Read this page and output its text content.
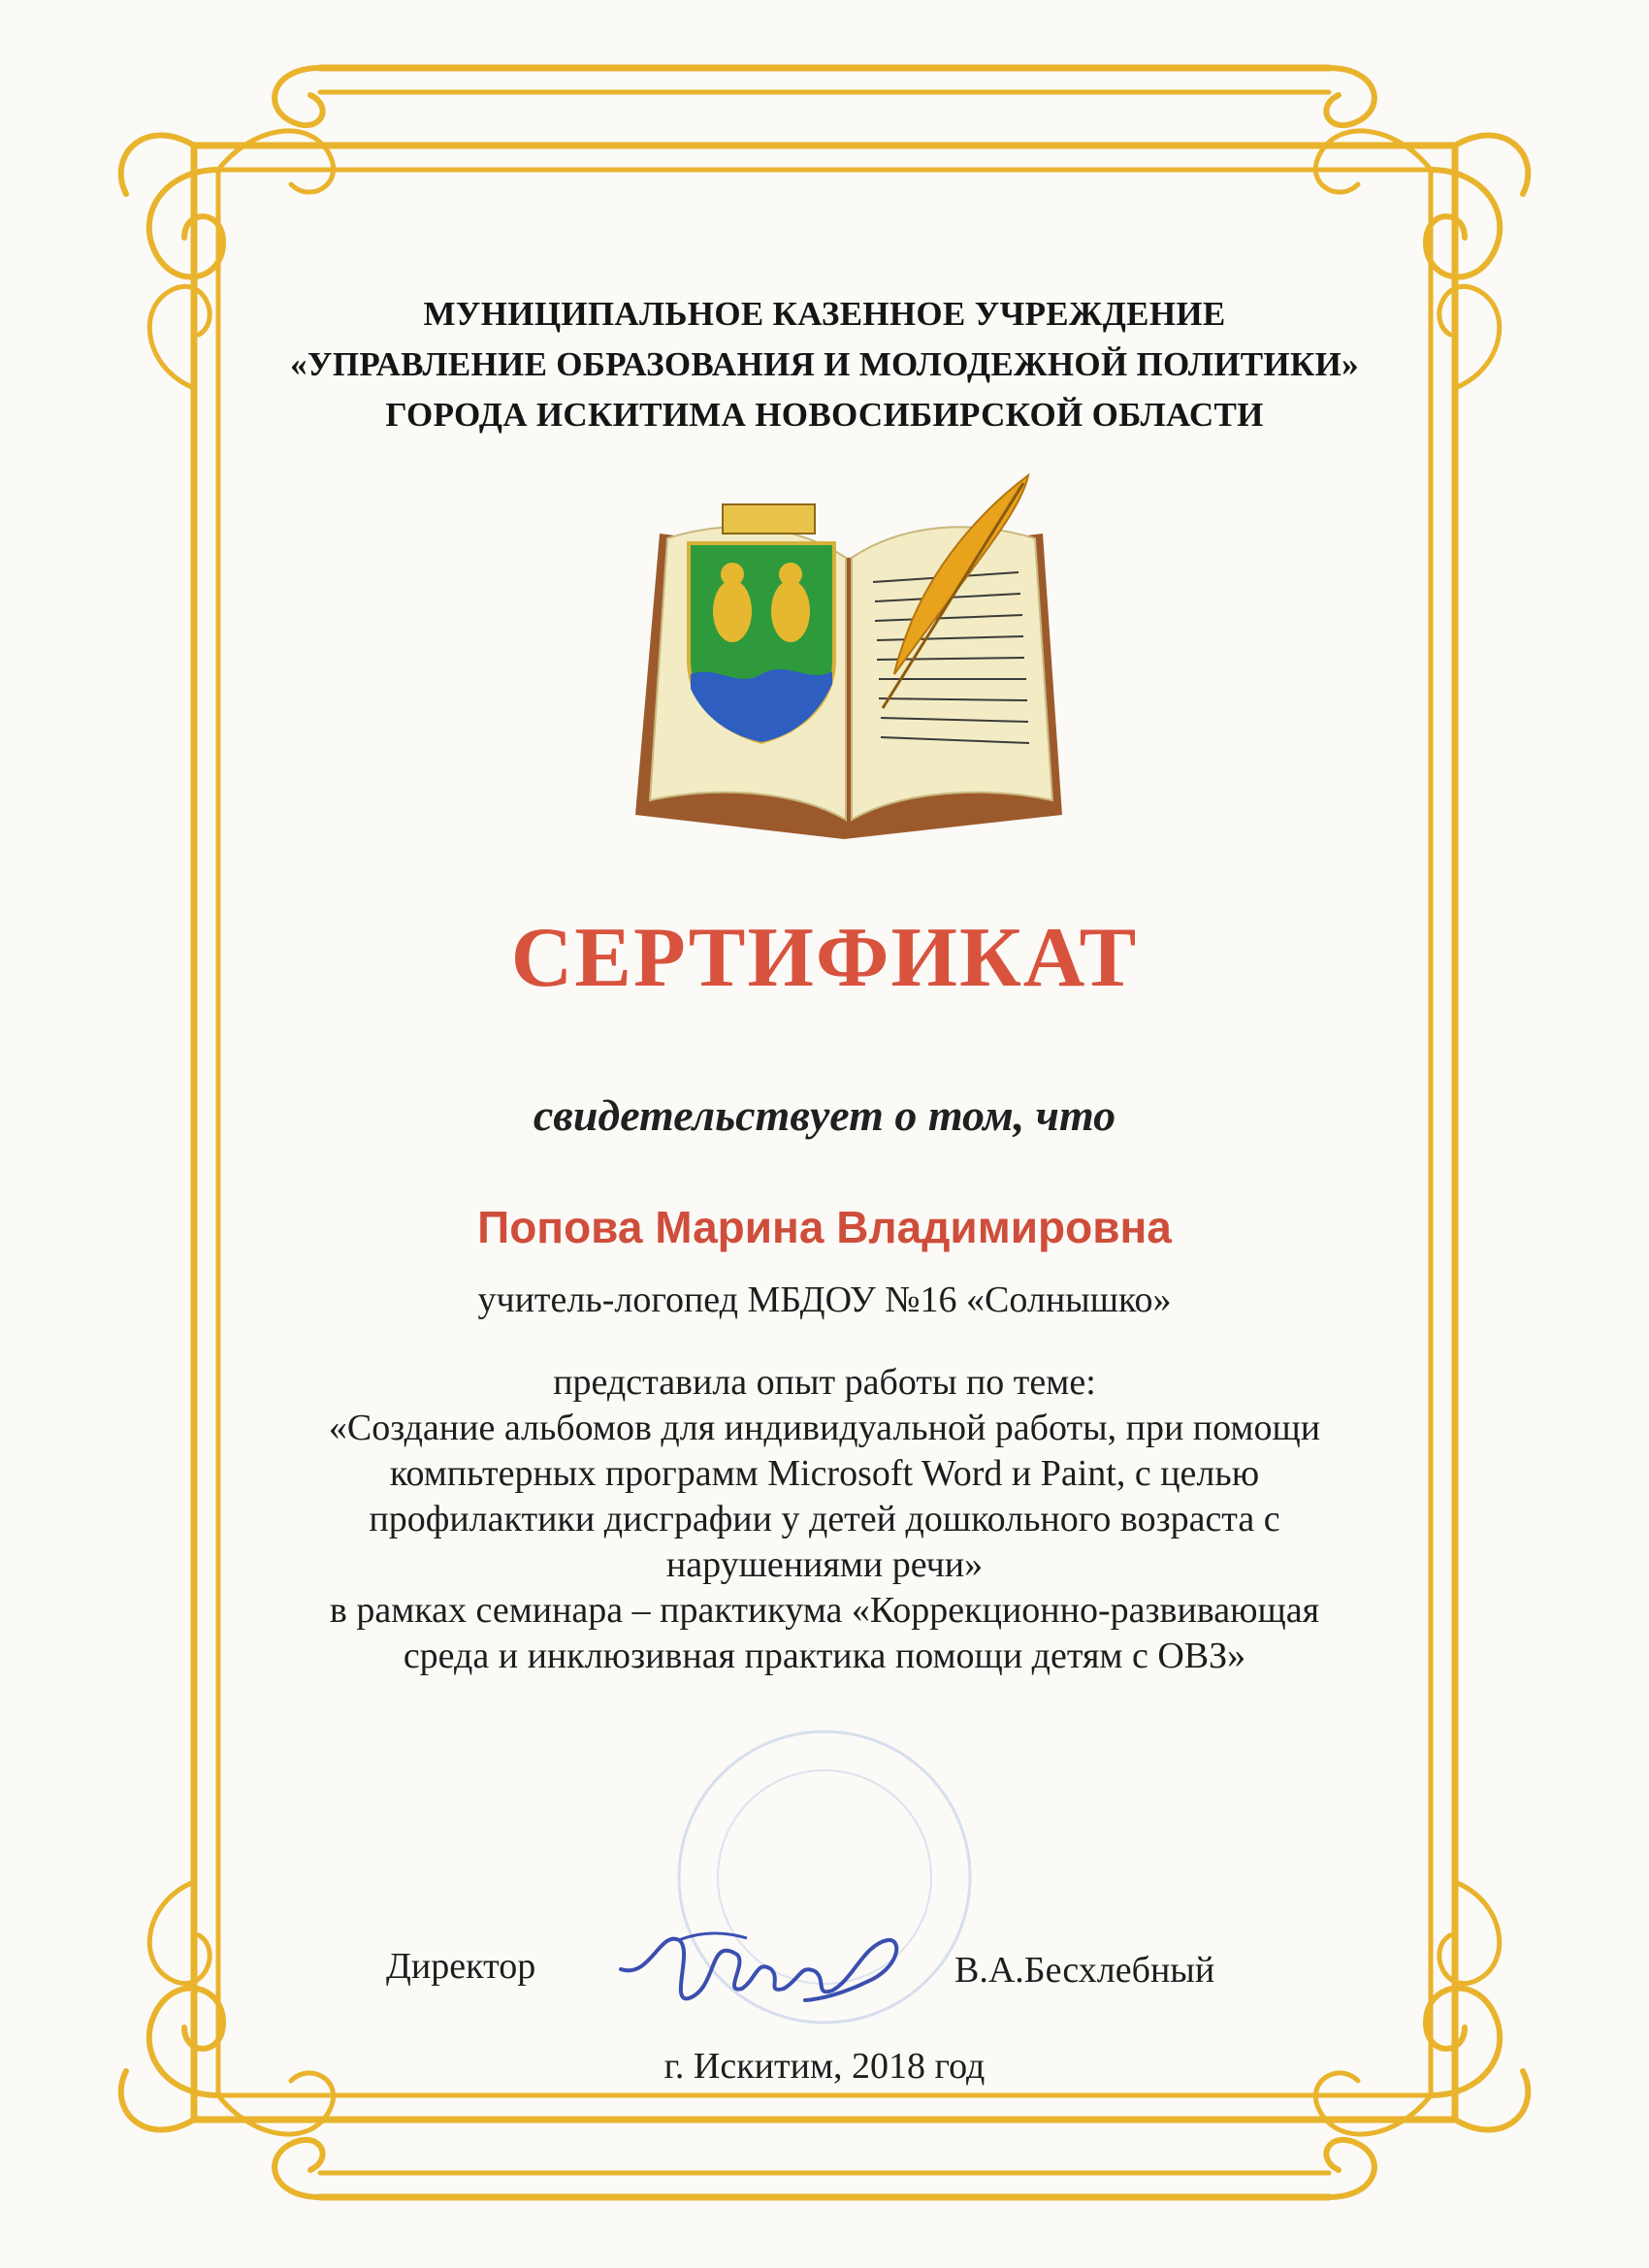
МУНИЦИПАЛЬНОЕ КАЗЕННОЕ УЧРЕЖДЕНИЕ
«УПРАВЛЕНИЕ ОБРАЗОВАНИЯ И МОЛОДЕЖНОЙ ПОЛИТИКИ»
ГОРОДА ИСКИТИМА НОВОСИБИРСКОЙ ОБЛАСТИ
СЕРТИФИКАТ
свидетельствует о том, что
Попова Марина Владимировна
учитель-логопед МБДОУ №16 «Солнышко»
представила опыт работы по теме:
«Создание альбомов для индивидуальной работы, при помощи
компьтерных программ Microsoft Word и Paint, с целью
профилактики дисграфии у детей дошкольного возраста с
нарушениями речи»
в рамках семинара – практикума «Коррекционно-развивающая
среда и инклюзивная практика помощи детям с ОВЗ»
Директор	В.А.Бесхлебный
г. Искитим, 2018 год
